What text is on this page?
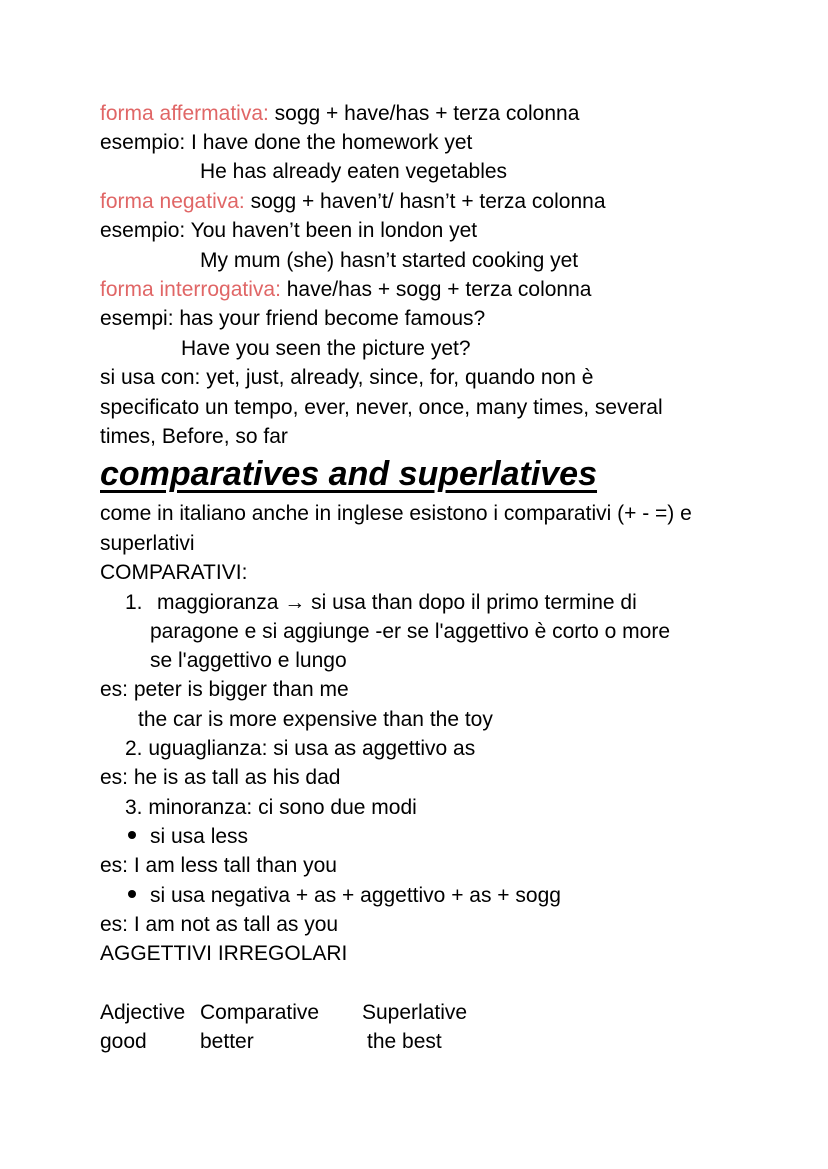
forma affermativa: sogg + have/has + terza colonna

esempio: I have done the homework yet

He has already eaten vegetables

forma negativa: sogg + haven’t/ hasn’t + terza colonna

esempio: You haven’t been in london yet

My mum (she) hasn’t started cooking yet

forma interrogativa: have/has + sogg + terza colonna

esempi: has your friend become famous?

Have you seen the picture yet?

si usa con: yet, just, already, since, for, quando non è

specificato un tempo, ever, never, once, many times, several

times, Before, so far

comparatives and superlatives

come in italiano anche in inglese esistono i comparativi (+ - =) e

superlativi

COMPARATIVI:

1. maggioranza → si usa than dopo il primo termine di

paragone e si aggiunge -er se l'aggettivo è corto o more

se l'aggettivo e lungo

es: peter is bigger than me

the car is more expensive than the toy

2. uguaglianza: si usa as aggettivo as

es: he is as tall as his dad

3. minoranza: ci sono due modi

si usa less

es: I am less tall than you

si usa negativa + as + aggettivo + as + sogg

es: I am not as tall as you

AGGETTIVI IRREGOLARI

Adjective Comparative Superlative
good	better	the best
